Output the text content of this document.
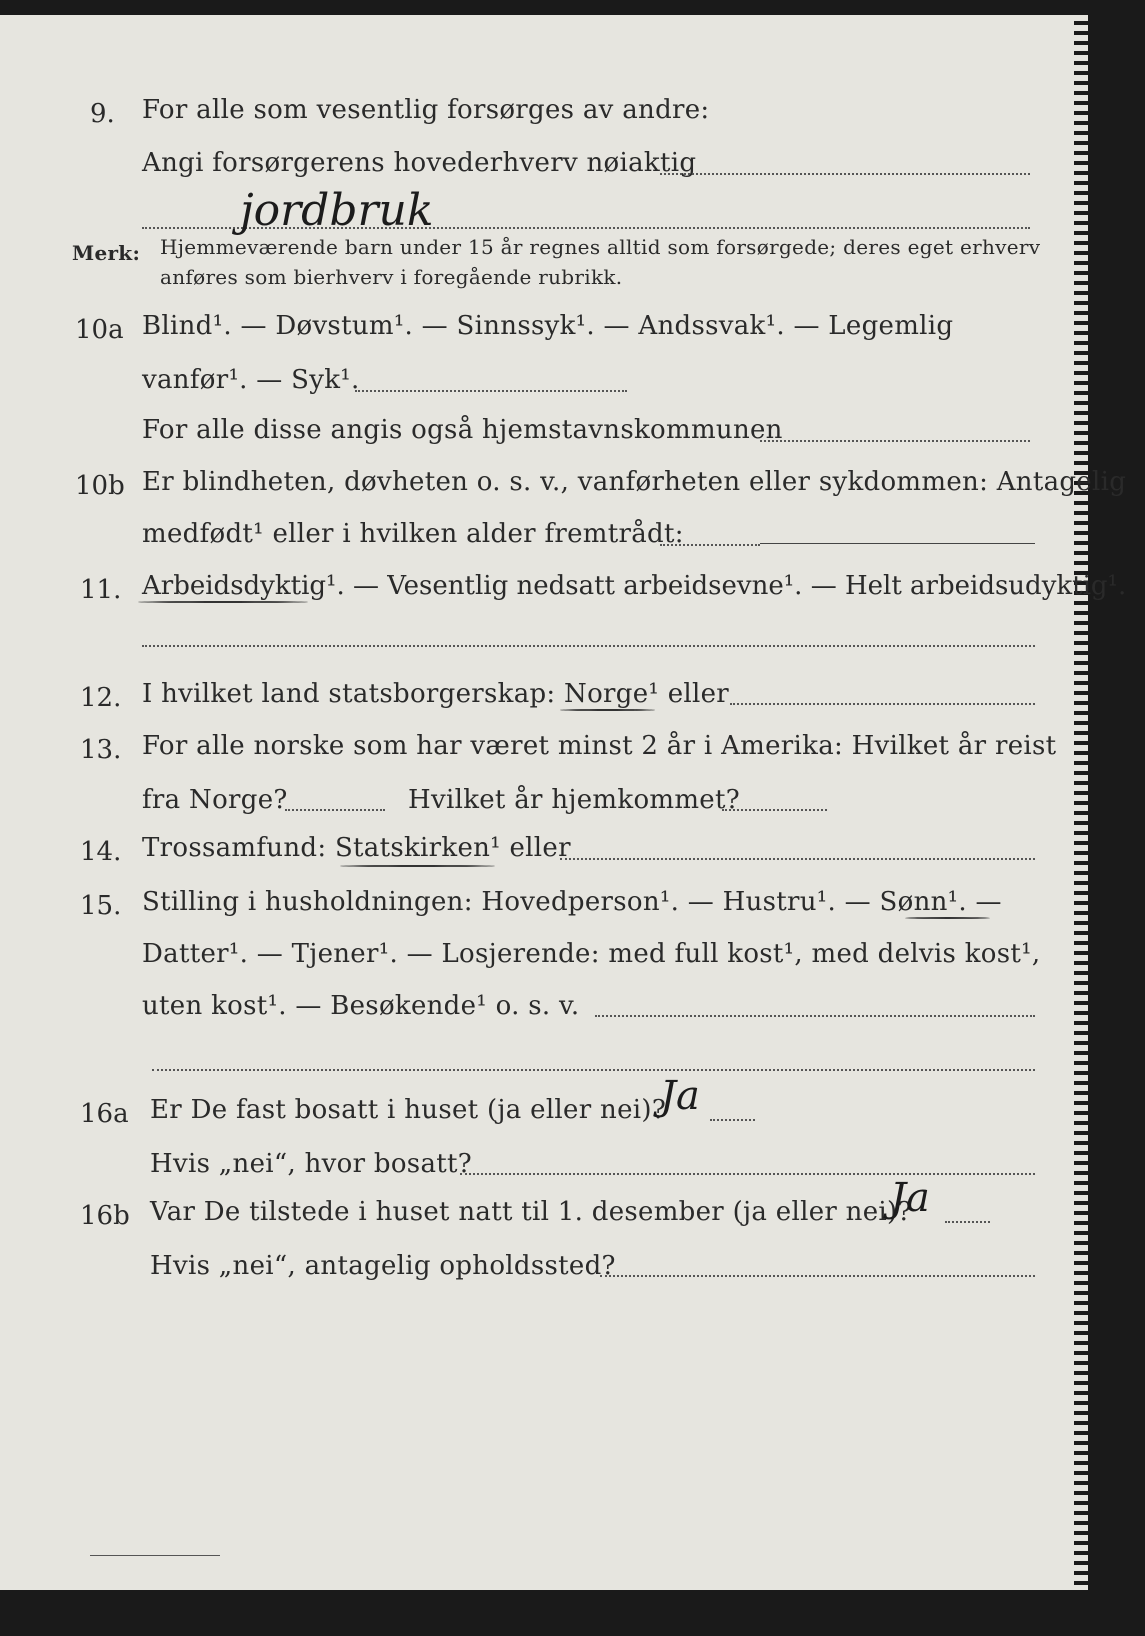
9. For alle som vesentlig forsørges av andre:
Angi forsørgerens hovederhverv nøiaktig
jordbruk
Merk: Hjemmeværende barn under 15 år regnes alltid som forsørgede; deres eget erhverv
anføres som bierhverv i foregående rubrikk.
10a Blind¹. — Døvstum¹. — Sinnssyk¹. — Andssvak¹. — Legemlig
vanfør¹. — Syk¹.
For alle disse angis også hjemstavnskommunen
10b Er blindheten, døvheten o. s. v., vanførheten eller sykdommen: Antagelig
medfødt¹ eller i hvilken alder fremtrådt:
11. Arbeidsdyktig¹. — Vesentlig nedsatt arbeidsevne¹. — Helt arbeidsudyktig¹.
12. I hvilket land statsborgerskap: Norge¹ eller
13. For alle norske som har været minst 2 år i Amerika: Hvilket år reist
fra Norge?	Hvilket år hjemkommet?
14. Trossamfund: Statskirken¹ eller
15. Stilling i husholdningen: Hovedperson¹. — Hustru¹. — Sønn¹. —
Datter¹. — Tjener¹. — Losjerende: med full kost¹, med delvis kost¹,
uten kost¹. — Besøkende¹ o. s. v.
16a Er De fast bosatt i huset (ja eller nei)?
Ja
Hvis „nei“, hvor bosatt?
16b Var De tilstede i huset natt til 1. desember (ja eller nei)?
Ja
Hvis „nei“, antagelig opholdssted?
